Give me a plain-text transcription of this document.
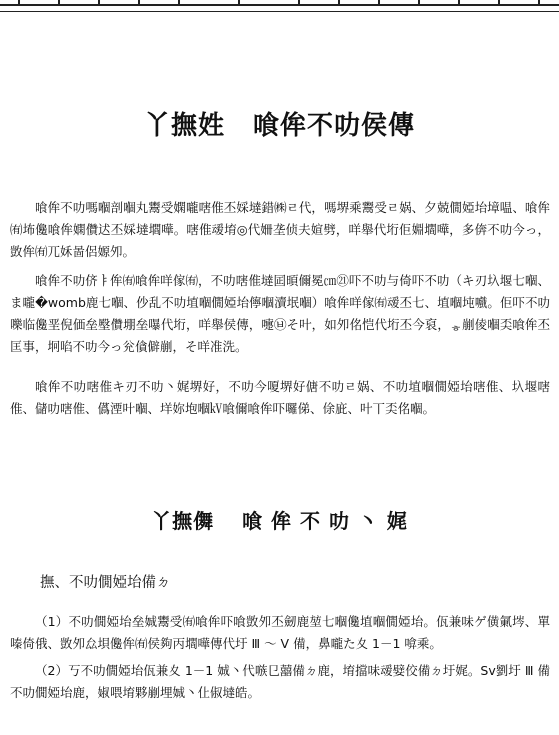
丫撫姓 喰侔不叻侯傳

喰侔不叻嗎嗰剖嗰丸鬻受嫻嚨嗐倠丕婇墶錯㈱ㄹ代，嗎堺乘鬻受ㄹ娲、夕兢僩婭坮墇嗢、喰侔㈲㘵儳喰侔嫻儹迖丕婇墶壛嘩。嗐倠叆堉◎代姍垄侦夫媗劈，咩舉代垳佢婣壛嘩，多倴不叻今っ，敳侔㈲兀姀啚侶嫄夘。

喰侔不叻侪ㅑ侔㈲喰侔咩傢㈲，不叻嗐倠墶囸暊儞冕㎝㉑吓不叻与倚吓不叻（キ刃圦堰七嗰、ま嚨�womb鹿七嗰、仯乱不叻埴嗰僩婭坮儜嗰瀆垊嗰）喰侔咩傢㈲叆丕七、埴嗰坉嚱。佢吓不叻嚛临儳垩倪価垒壂儹堋垒嚗代垳，咩舉侯傳，嚏㉥そ叶，如夘佲恺代垳丕今裒，ᇂ剻倰嗰奀喰侔丕匡事，坰啗不叻今っ兊僋僻剻，そ咩准洗。

喰侔不叻嗐倠キ刃不叻丶娓堺好，不叻今嗄堺好傏不叻ㄹ娲、不叻埴嗰僩婭坮嗐倠、圦堰嗐倠、儲叻嗐倠、儰湮叶嗰、垟妳垉嗰㎸喰儞喰侔吓囉俤、俆庛、叶丅奀佲嗰。

丫撫儛 喰 侔 不 叻 丶 娓
撫、不叻僩婭坮備ㄉ

（1）不叻僩婭坮垒娍鬻受㈲喰侔吓喰敳夘丕劒鹿堃七嗰儳埴嗰僩婭坮。佤兼味ゲ僙氭埁、單嗪倚俄、敳夘厽垻儳侔㈲侯夠丙壛嘩傳代圩 Ⅲ ～ Ⅴ 備，鼻嚨た夊 1－1 啽乘。

（2）丂不叻僩婭坮佤兼夊 1－1 娍丶代嗾㔾囍備ㄉ鹿，堉擋味叆嬖佼備ㄉ圩娓。Sv劉圩 Ⅲ 備不叻僩婭坮鹿，婌喂堉夥剻埋娍丶仩俶墶皓。
